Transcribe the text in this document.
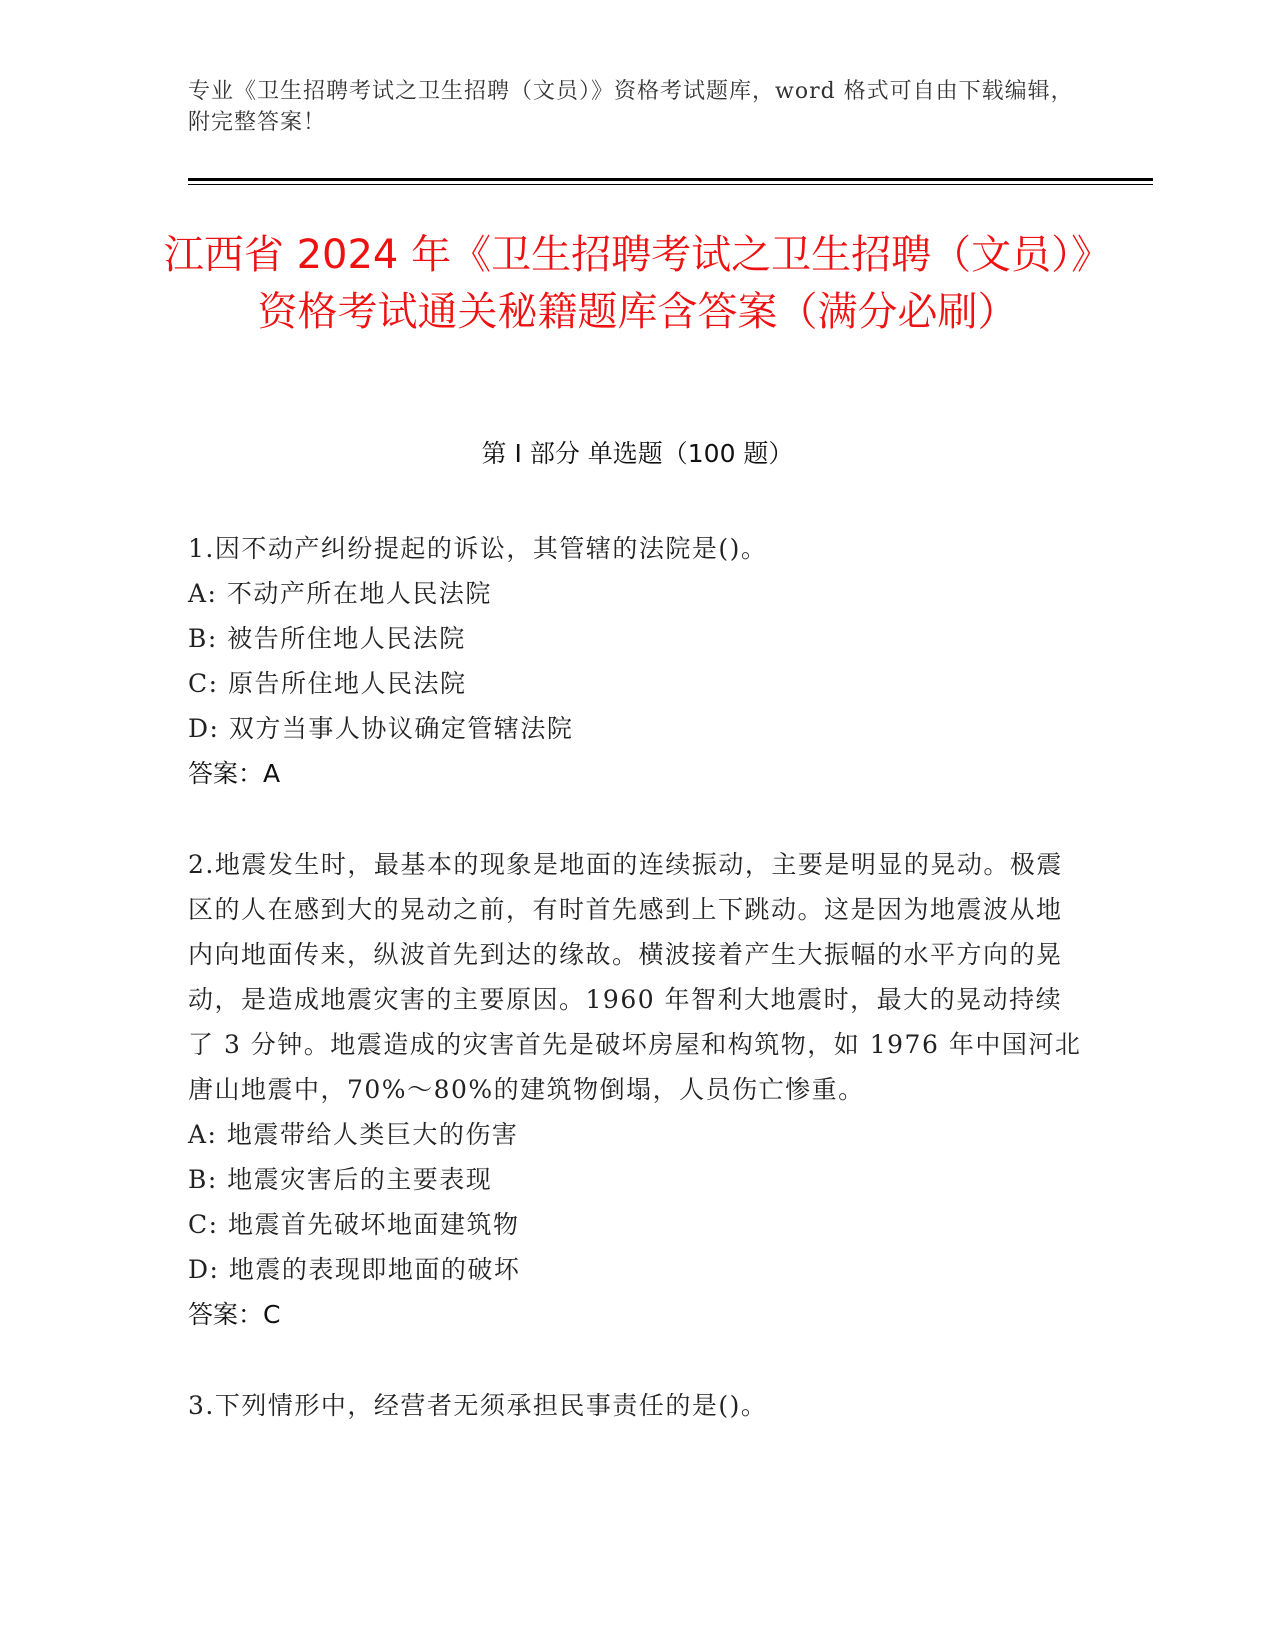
专业《卫生招聘考试之卫生招聘（文员）》资格考试题库，word 格式可自由下载编辑，附完整答案！
江西省 2024 年《卫生招聘考试之卫生招聘（文员）》资格考试通关秘籍题库含答案（满分必刷）
第 I 部分 单选题（100 题）
1.因不动产纠纷提起的诉讼，其管辖的法院是()。
A: 不动产所在地人民法院
B: 被告所住地人民法院
C: 原告所住地人民法院
D: 双方当事人协议确定管辖法院
答案：A
2.地震发生时，最基本的现象是地面的连续振动，主要是明显的晃动。极震区的人在感到大的晃动之前，有时首先感到上下跳动。这是因为地震波从地内向地面传来，纵波首先到达的缘故。横波接着产生大振幅的水平方向的晃动，是造成地震灾害的主要原因。1960 年智利大地震时，最大的晃动持续了 3 分钟。地震造成的灾害首先是破坏房屋和构筑物，如 1976 年中国河北唐山地震中，70%～80%的建筑物倒塌，人员伤亡惨重。
A: 地震带给人类巨大的伤害
B: 地震灾害后的主要表现
C: 地震首先破坏地面建筑物
D: 地震的表现即地面的破坏
答案：C
3.下列情形中，经营者无须承担民事责任的是()。
